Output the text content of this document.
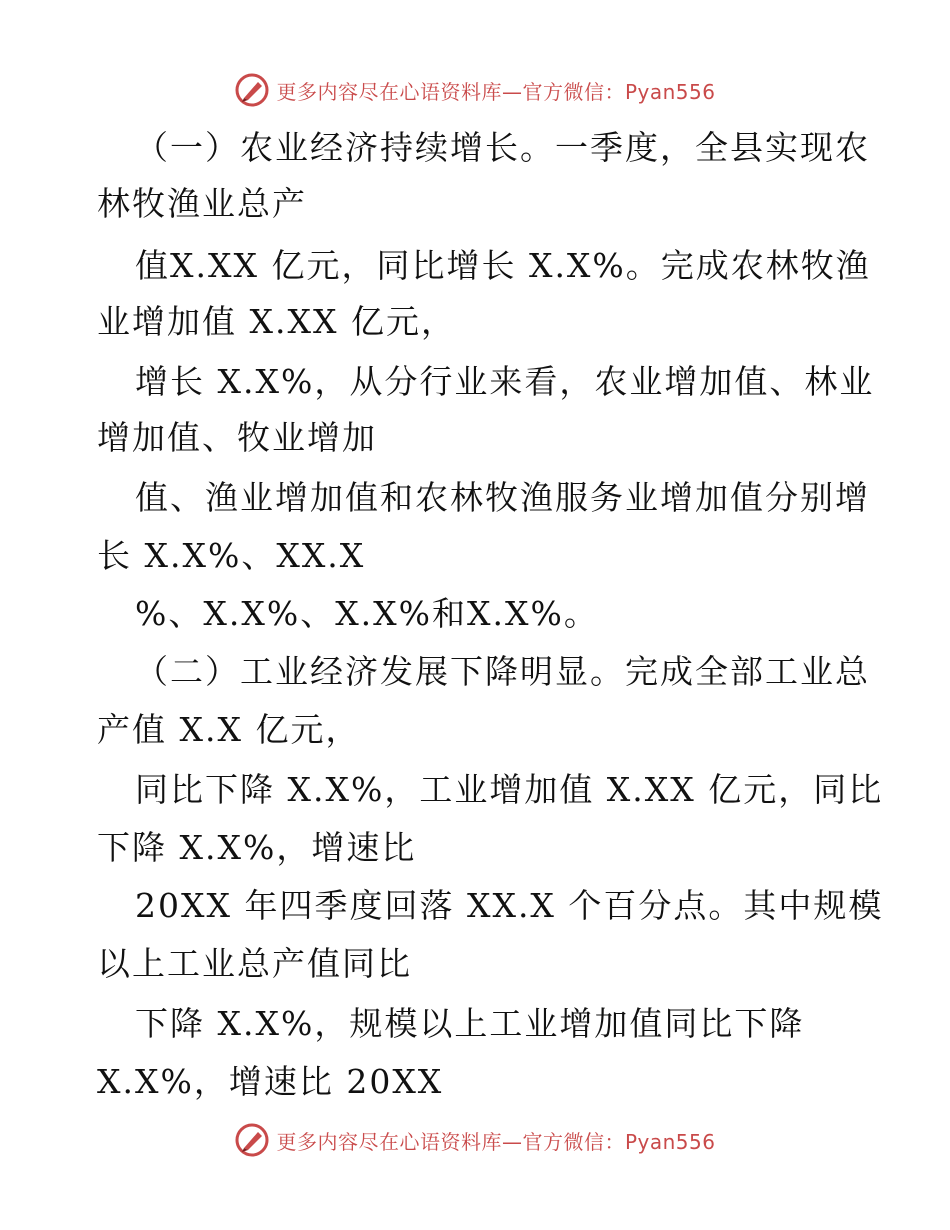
更多内容尽在心语资料库—官方微信：Pyan556
（一）农业经济持续增长。一季度，全县实现农
林牧渔业总产
值X.XX 亿元，同比增长 X.X%。完成农林牧渔
业增加值 X.XX 亿元，
增长 X.X%，从分行业来看，农业增加值、林业
增加值、牧业增加
值、渔业增加值和农林牧渔服务业增加值分别增
长 X.X%、XX.X
%、X.X%、X.X%和X.X%。
（二）工业经济发展下降明显。完成全部工业总
产值 X.X 亿元，
同比下降 X.X%，工业增加值 X.XX 亿元，同比
下降 X.X%，增速比
20XX 年四季度回落 XX.X 个百分点。其中规模
以上工业总产值同比
下降 X.X%，规模以上工业增加值同比下降
X.X%，增速比 20XX
更多内容尽在心语资料库—官方微信：Pyan556
